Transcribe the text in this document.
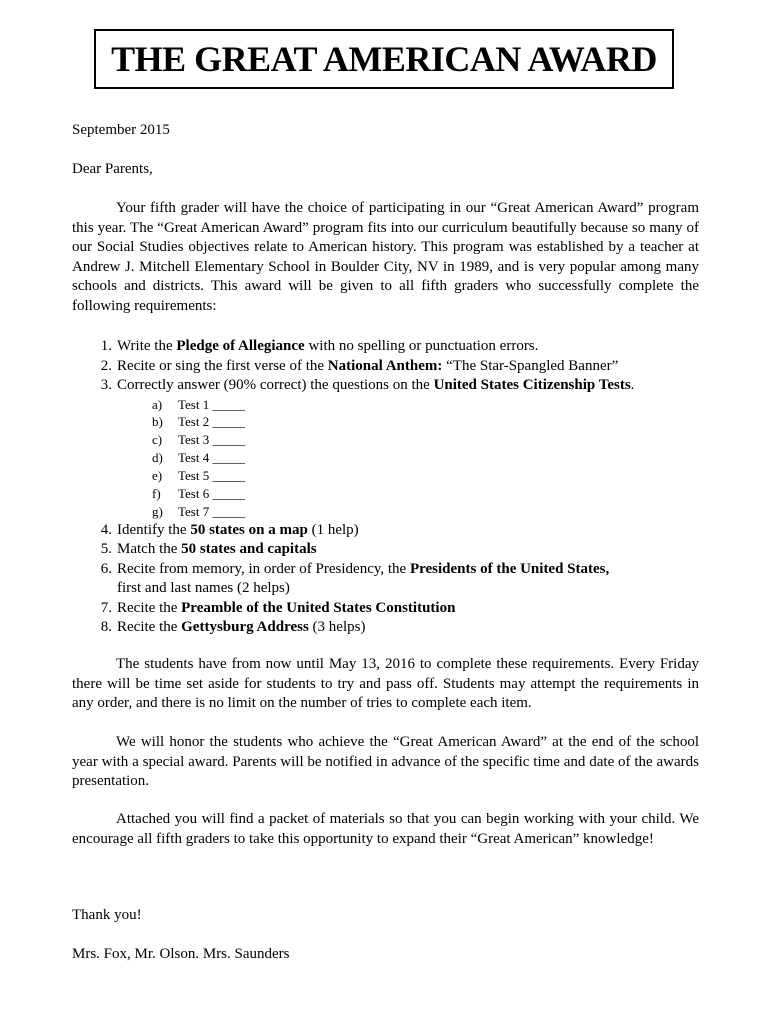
THE GREAT AMERICAN AWARD
September 2015
Dear Parents,
Your fifth grader will have the choice of participating in our “Great American Award” program this year. The “Great American Award” program fits into our curriculum beautifully because so many of our Social Studies objectives relate to American history. This program was established by a teacher at Andrew J. Mitchell Elementary School in Boulder City, NV in 1989, and is very popular among many schools and districts. This award will be given to all fifth graders who successfully complete the following requirements:
1. Write the Pledge of Allegiance with no spelling or punctuation errors.
2. Recite or sing the first verse of the National Anthem: “The Star-Spangled Banner”
3. Correctly answer (90% correct) the questions on the United States Citizenship Tests.
a)	Test 1 _____
b)	Test 2 _____
c)	Test 3 _____
d)	Test 4 _____
e)	Test 5 _____
f)	Test 6 _____
g)	Test 7 _____
4. Identify the 50 states on a map (1 help)
5. Match the 50 states and capitals
6. Recite from memory, in order of Presidency, the Presidents of the United States,
first and last names (2 helps)
7. Recite the Preamble of the United States Constitution
8. Recite the Gettysburg Address (3 helps)
The students have from now until May 13, 2016 to complete these requirements. Every Friday there will be time set aside for students to try and pass off. Students may attempt the requirements in any order, and there is no limit on the number of tries to complete each item.
We will honor the students who achieve the “Great American Award” at the end of the school year with a special award. Parents will be notified in advance of the specific time and date of the awards presentation.
Attached you will find a packet of materials so that you can begin working with your child. We encourage all fifth graders to take this opportunity to expand their “Great American” knowledge!
Thank you!
Mrs. Fox, Mr. Olson. Mrs. Saunders
